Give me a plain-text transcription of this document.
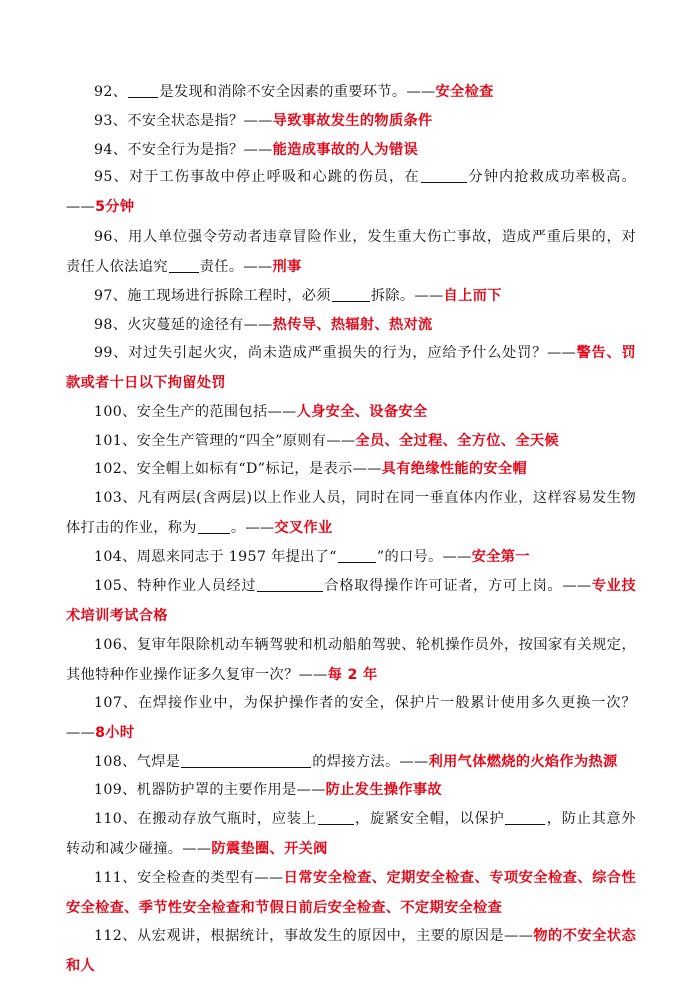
92、 是发现和消除不安全因素的重要环节。——安全检查
93、不安全状态是指？——导致事故发生的物质条件
94、不安全行为是指？——能造成事故的人为错误
95、对于工伤事故中停止呼吸和心跳的伤员，在	分钟内抢救成功率极高。——5分钟
96、用人单位强令劳动者违章冒险作业，发生重大伤亡事故，造成严重后果的，对责任人依法追究 责任。——刑事
97、施工现场进行拆除工程时，必须	拆除。——自上而下
98、火灾蔓延的途径有——热传导、热辐射、热对流
99、对过失引起火灾，尚未造成严重损失的行为，应给予什么处罚？——警告、罚款或者十日以下拘留处罚
100、安全生产的范围包括——人身安全、设备安全
101、安全生产管理的“四全”原则有——全员、全过程、全方位、全天候
102、安全帽上如标有“D”标记，是表示——具有绝缘性能的安全帽
103、凡有两层(含两层)以上作业人员，同时在同一垂直体内作业，这样容易发生物体打击的作业，称为 。——交叉作业
104、周恩来同志于 1957 年提出了“	”的口号。——安全第一
105、特种作业人员经过	合格取得操作许可证者，方可上岗。——专业技术培训考试合格
106、复审年限除机动车辆驾驶和机动船舶驾驶、轮机操作员外，按国家有关规定，其他特种作业操作证多久复审一次？——每 2 年
107、在焊接作业中，为保护操作者的安全，保护片一般累计使用多久更换一次？——8小时
108、气焊是	的焊接方法。——利用气体燃烧的火焰作为热源
109、机器防护罩的主要作用是——防止发生操作事故
110、在搬动存放气瓶时，应装上	，旋紧安全帽，以保护	，防止其意外转动和减少碰撞。——防震垫圈、开关阀
111、安全检查的类型有——日常安全检查、定期安全检查、专项安全检查、综合性安全检查、季节性安全检查和节假日前后安全检查、不定期安全检查
112、从宏观讲，根据统计，事故发生的原因中，主要的原因是——物的不安全状态和人
